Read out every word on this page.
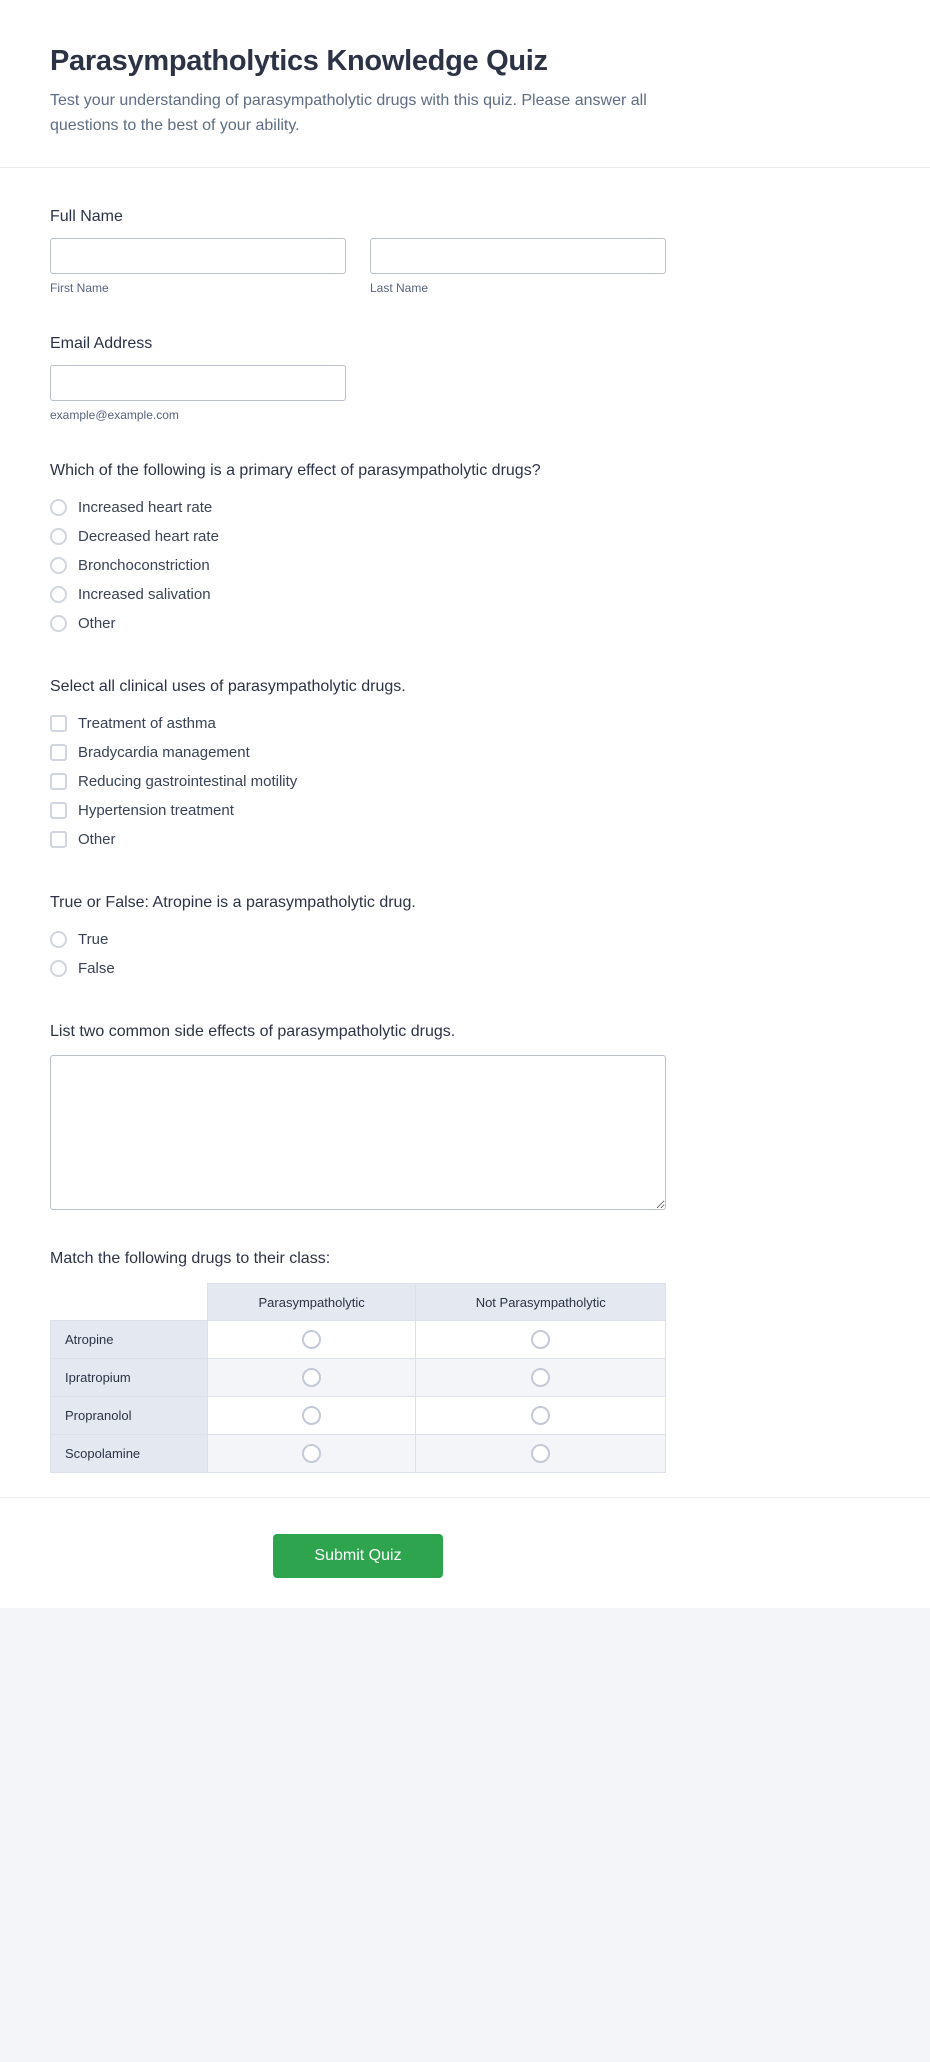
Parasympatholytics Knowledge Quiz

Test your understanding of parasympatholytic drugs with this quiz. Please answer all questions to the best of your ability.

Full Name
First Name	Last Name
Email Address
example@example.com
Which of the following is a primary effect of parasympatholytic drugs?
Increased heart rate
Decreased heart rate
Bronchoconstriction
Increased salivation
Other
Select all clinical uses of parasympatholytic drugs.
Treatment of asthma
Bradycardia management
Reducing gastrointestinal motility
Hypertension treatment
Other
True or False: Atropine is a parasympatholytic drug.
True
False
List two common side effects of parasympatholytic drugs.
Match the following drugs to their class:
	Parasympatholytic	Not Parasympatholytic
Atropine		
Ipratropium		
Propranolol		
Scopolamine		
Submit Quiz
